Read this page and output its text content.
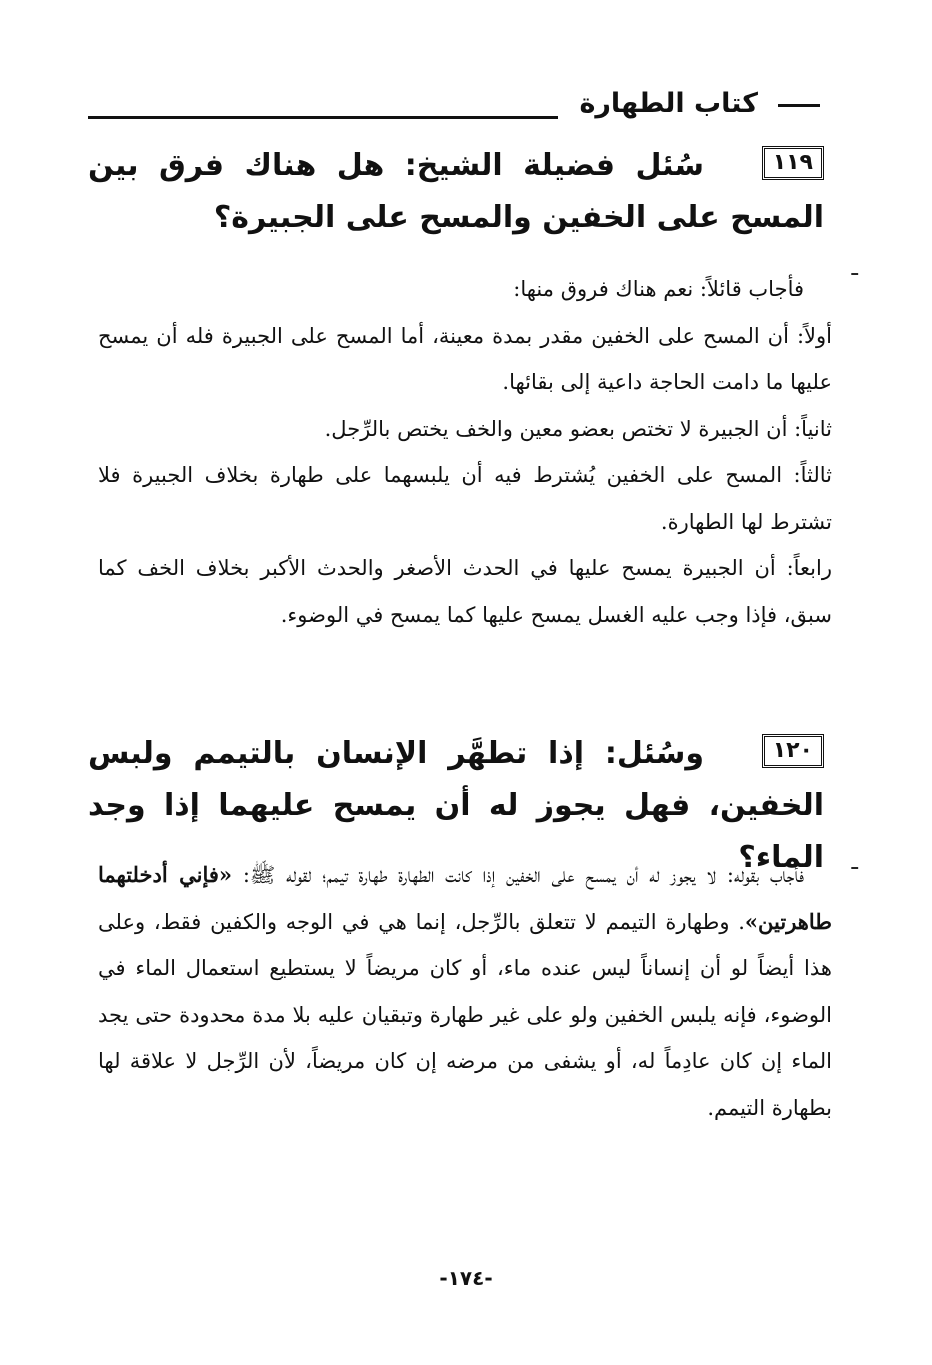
كتاب الطهارة
١١٩

سُئل فضيلة الشيخ: هل هناك فرق بين المسح على الخفين والمسح على الجبيرة؟

ـ

فأجاب قائلاً: نعم هناك فروق منها:

أولاً: أن المسح على الخفين مقدر بمدة معينة، أما المسح على الجبيرة فله أن يمسح عليها ما دامت الحاجة داعية إلى بقائها.

ثانياً: أن الجبيرة لا تختص بعضو معين والخف يختص بالرِّجل.

ثالثاً: المسح على الخفين يُشترط فيه أن يلبسهما على طهارة بخلاف الجبيرة فلا تشترط لها الطهارة.

رابعاً: أن الجبيرة يمسح عليها في الحدث الأصغر والحدث الأكبر بخلاف الخف كما سبق، فإذا وجب عليه الغسل يمسح عليها كما يمسح في الوضوء.

١٢٠

وسُئل: إذا تطهَّر الإنسان بالتيمم ولبس الخفين، فهل يجوز له أن يمسح عليهما إذا وجد الماء؟ ـ

فأجاب بقوله: لا يجوز له أن يمسح على الخفين إذا كانت الطهارة طهارة تيمم؛ لقوله ﷺ: «فإني أدخلتهما طاهرتين». وطهارة التيمم لا تتعلق بالرِّجل، إنما هي في الوجه والكفين فقط، وعلى هذا أيضاً لو أن إنساناً ليس عنده ماء، أو كان مريضاً لا يستطيع استعمال الماء في الوضوء، فإنه يلبس الخفين ولو على غير طهارة وتبقيان عليه بلا مدة محدودة حتى يجد الماء إن كان عادِماً له، أو يشفى من مرضه إن كان مريضاً، لأن الرِّجل لا علاقة لها بطهارة التيمم.

-١٧٤-
